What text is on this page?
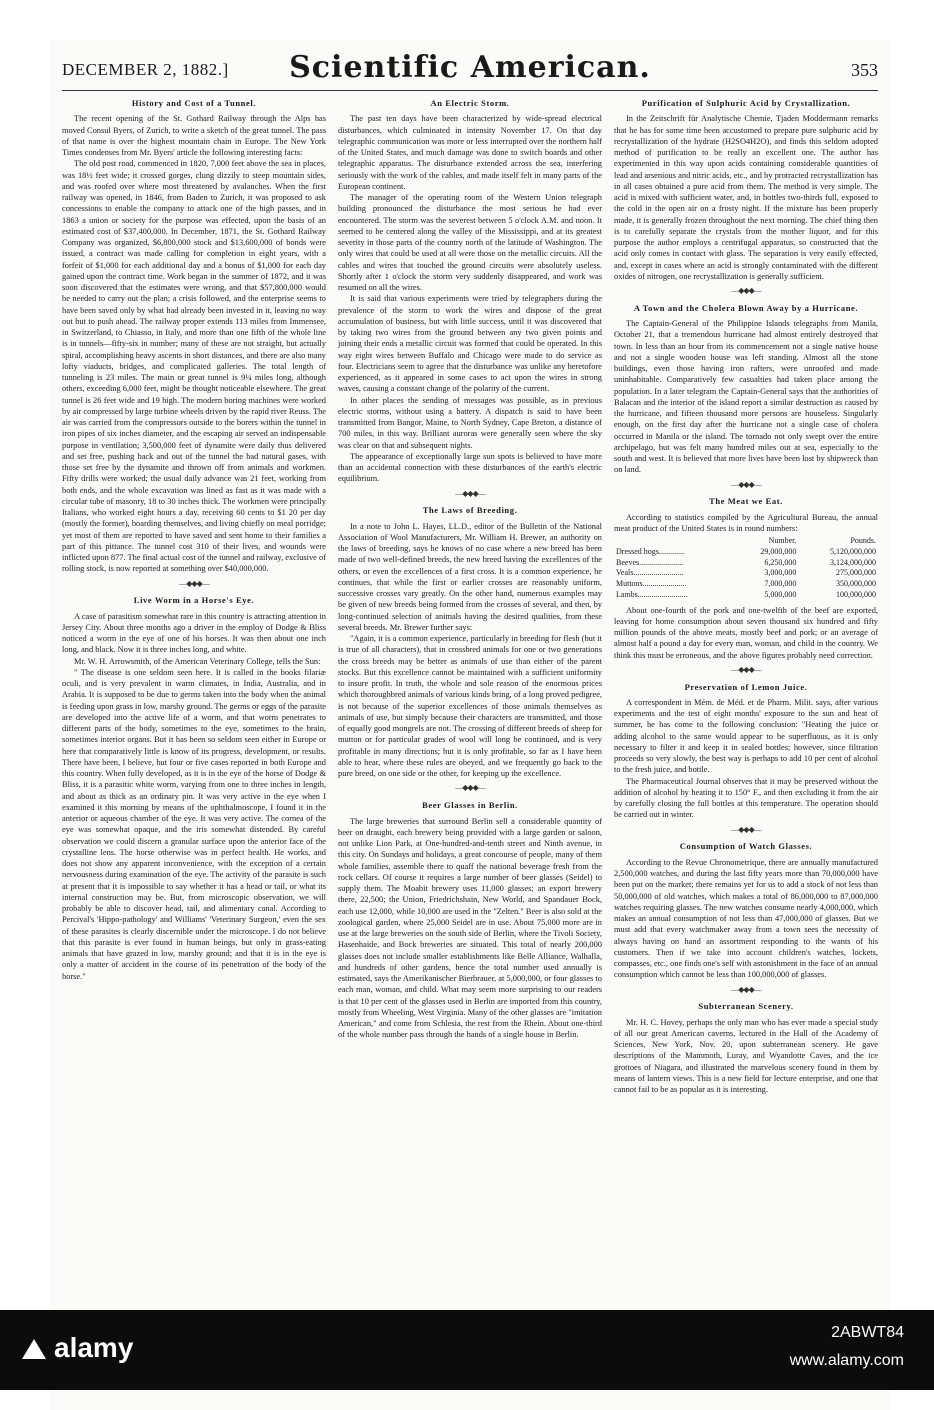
DECEMBER 2, 1882.]	Scientific American.	353
History and Cost of a Tunnel.

The recent opening of the St. Gothard Railway through the Alps has moved Consul Byers, of Zurich, to write a sketch of the great tunnel. The pass of that name is over the highest mountain chain in Europe. The New York Times condenses from Mr. Byers' article the following interesting facts:

The old post road, commenced in 1820, 7,000 feet above the sea in places, was 18½ feet wide; it crossed gorges, clung dizzily to steep mountain sides, and was roofed over where most threatened by avalanches. When the first railway was opened, in 1846, from Baden to Zurich, it was proposed to ask concessions to enable the company to attack one of the high passes, and in 1863 a union or society for the purpose was effected, upon the basis of an estimated cost of $37,400,000. In December, 1871, the St. Gothard Railway Company was organized, $6,800,000 stock and $13,600,000 of bonds were issued, a contract was made calling for completion in eight years, with a forfeit of $1,000 for each additional day and a bonus of $1,000 for each day gained upon the contract time. Work began in the summer of 1872, and it was soon discovered that the estimates were wrong, and that $57,800,000 would be needed to carry out the plan; a crisis followed, and the enterprise seems to have been saved only by what had already been invested in it, leaving no way out but to push ahead. The railway proper extends 113 miles from Immensee, in Switzerland, to Chiasso, in Italy, and more than one fifth of the whole line is in tunnels—fifty-six in number; many of these are not straight, but actually spiral, accomplishing heavy ascents in short distances, and there are also many lofty viaducts, bridges, and complicated galleries. The total length of tunneling is 23 miles. The main or great tunnel is 9¼ miles long, although others, exceeding 6,000 feet, might be thought noticeable elsewhere. The great tunnel is 26 feet wide and 19 high. The modern boring machines were worked by air compressed by large turbine wheels driven by the rapid river Reuss. The air was carried from the compressors outside to the borers within the tunnel in iron pipes of six inches diameter, and the escaping air served an indispensable purpose in ventilation; 3,500,000 feet of dynamite were daily thus delivered and set free, pushing back and out of the tunnel the bad natural gases, with those set free by the dynamite and thrown off from animals and workmen. Fifty drills were worked; the usual daily advance was 21 feet, working from both ends, and the whole excavation was lined as fast as it was made with a circular tube of masonry, 18 to 30 inches thick. The workmen were principally Italians, who worked eight hours a day, receiving 60 cents to $1 20 per day (mostly the former), boarding themselves, and living chiefly on meal porridge; yet most of them are reported to have saved and sent home to their families a part of this pittance. The tunnel cost 310 of their lives, and wounds were inflicted upon 877. The final actual cost of the tunnel and railway, exclusive of rolling stock, is now reported at something over $40,000,000.

—◆◆◆—
Live Worm in a Horse's Eye.

A case of parasitism somewhat rare in this country is attracting attention in Jersey City. About three months ago a driver in the employ of Dodge & Bliss noticed a worm in the eye of one of his horses. It was then about one inch long, and black. Now it is three inches long, and white.

Mr. W. H. Arrowsmith, of the American Veterinary College, tells the Sun:

" The disease is one seldom seen here. It is called in the books filariæ oculi, and is very prevalent in warm climates, in India, Australia, and in Arabia. It is supposed to be due to germs taken into the body when the animal is feeding upon grass in low, marshy ground. The germs or eggs of the parasite are developed into the active life of a worm, and that worm penetrates to different parts of the body, sometimes to the eye, sometimes to the brain, sometimes interior organs. But it has been so seldom seen either in Europe or here that comparatively little is know of its progress, development, or results. There have been, I believe, but four or five cases reported in both Europe and this country. When fully developed, as it is in the eye of the horse of Dodge & Bliss, it is a parasitic white worm, varying from one to three inches in length, and about as thick as an ordinary pin. It was very active in the eye when I examined it this morning by means of the ophthalmoscope, I found it in the anterior or aqueous chamber of the eye. It was very active. The cornea of the eye was somewhat opaque, and the iris somewhat distended. By careful observation we could discern a granular surface upon the anterior face of the crystalline lens. The horse otherwise was in perfect health. He works, and does not show any apparent inconvenience, with the exception of a certain nervousness during examination of the eye. The activity of the parasite is such at present that it is impossible to say whether it has a head or tail, or what its internal construction may be. But, from microscopic observation, we will probably be able to discover head, tail, and alimentary canal. According to Percival's 'Hippo-pathology' and Williams' 'Veterinary Surgeon,' even the sex of these parasites is clearly discernible under the microscope. I do not believe that this parasite is ever found in human beings, but only in grass-eating animals that have grazed in low, marshy ground; and that it is in the eye is only a matter of accident in the course of its penetration of the body of the horse."

An Electric Storm.

The past ten days have been characterized by wide-spread electrical disturbances, which culminated in intensity November 17. On that day telegraphic communication was more or less interrupted over the northern half of the United States, and much damage was done to switch boards and other telegraphic apparatus. The disturbance extended across the sea, interfering seriously with the work of the cables, and made itself felt in many parts of the European continent.

The manager of the operating room of the Western Union telegraph building pronounced the disturbance the most serious he had ever encountered. The storm was the severest between 5 o'clock A.M. and noon. It seemed to be centered along the valley of the Mississippi, and at its greatest severity in those parts of the country north of the latitude of Washington. The only wires that could be used at all were those on the metallic circuits. All the cables and wires that touched the ground circuits were absolutely useless. Shortly after 1 o'clock the storm very suddenly disappeared, and work was resumed on all the wires.

It is said that various experiments were tried by telegraphers during the prevalence of the storm to work the wires and dispose of the great accumulation of business, but with little success, until it was discovered that by taking two wires from the ground between any two given points and joining their ends a metallic circuit was formed that could be operated. In this way eight wires between Buffalo and Chicago were made to do service as four. Electricians seem to agree that the disturbance was unlike any heretofore experienced, as it appeared in some cases to act upon the wires in strong waves, causing a constant change of the polarity of the current.

In other places the sending of messages was possible, as in previous electric storms, without using a battery. A dispatch is said to have been transmitted from Bangor, Maine, to North Sydney, Cape Breton, a distance of 700 miles, in this way. Brilliant auroras were generally seen where the sky was clear on that and subsequent nights.

The appearance of exceptionally large sun spots is believed to have more than an accidental connection with these disturbances of the earth's electric equilibrium.

—◆◆◆—
The Laws of Breeding.

In a note to John L. Hayes, LL.D., editor of the Bulletin of the National Association of Wool Manufacturers, Mr. William H. Brewer, an authority on the laws of breeding, says he knows of no case where a new breed has been made of two well-defined breeds, the new breed having the excellences of the others, or even the excellences of a first cross. It is a common experience, he continues, that while the first or earlier crosses are reasonably uniform, successive crosses vary greatly. On the other hand, numerous examples may be given of new breeds being formed from the crosses of several, and then, by long-continued selection of animals having the desired qualities, from these several breeds. Mr. Brewer further says:

"Again, it is a common experience, particularly in breeding for flesh (but it is true of all characters), that in crossbred animals for one or two generations the cross breeds may be better as animals of use than either of the parent stocks. But this excellence cannot be maintained with a sufficient uniformity to insure profit. In truth, the whole and sole reason of the enormous prices which thoroughbred animals of various kinds bring, of a long proved pedigree, is not because of the superior excellences of those animals themselves as animals of use, but simply because their characters are transmitted, and those of equally good mongrels are not. The crossing of different breeds of sheep for mutton or for particular grades of wool will long be continued, and is very profitable in many directions; but it is only profitable, so far as I have been able to hear, where these rules are obeyed, and we frequently go back to the pure breed, on one side or the other, for keeping up the excellence.

—◆◆◆—
Beer Glasses in Berlin.

The large breweries that surround Berlin sell a considerable quantity of beer on draught, each brewery being provided with a large garden or saloon, not unlike Lion Park, at One-hundred-and-tenth street and Ninth avenue, in this city. On Sundays and holidays, a great concourse of people, many of them whole families, assemble there to quaff the national beverage fresh from the rock cellars. Of course it requires a large number of beer glasses (Seidel) to supply them. The Moabit brewery uses 11,000 glasses; an export brewery there, 22,500; the Union, Friedrichshain, New World, and Spandauer Bock, each use 12,000, while 10,000 are used in the "Zelten." Beer is also sold at the zoological garden, where 25,000 Seidel are in use. About 75,000 more are in use at the large breweries on the south side of Berlin, where the Tivoli Society, Hasenhaide, and Bock breweries are situated. This total of nearly 200,000 glasses does not include smaller establishments like Belle Alliance, Walhalla, and hundreds of other gardens, hence the total number used annually is estimated, says the Amerikanischer Bierbrauer, at 5,000,000, or four glasses to each man, woman, and child. What may seem more surprising to our readers is that 10 per cent of the glasses used in Berlin are imported from this country, mostly from Wheeling, West Virginia. Many of the other glasses are "imitation American," and come from Schlesia, the rest from the Rhein. About one-third of the whole number pass through the hands of a single house in Berlin.

Purification of Sulphuric Acid by Crystallization.

In the Zeitschrift für Analytische Chemie, Tjaden Moddermann remarks that he has for some time been accustomed to prepare pure sulphuric acid by recrystallization of the hydrate (H2SO4H2O), and finds this seldom adopted method of purification to be really an excellent one. The author has experimented in this way upon acids containing considerable quantities of lead and arsenious and nitric acids, etc., and by protracted recrystallization has in all cases obtained a pure acid from them. The method is very simple. The acid is mixed with sufficient water, and, in bottles two-thirds full, exposed to the cold in the open air on a frosty night. If the mixture has been properly made, it is generally frozen throughout the next morning. The chief thing then is to carefully separate the crystals from the mother liquor, and for this purpose the author employs a centrifugal apparatus, so constructed that the acid only comes in contact with glass. The separation is very easily effected, and, except in cases where an acid is strongly contaminated with the different oxides of nitrogen, one recrystallization is generally sufficient.

—◆◆◆—
A Town and the Cholera Blown Away by a Hurricane.

The Captain-General of the Philippine Islands telegraphs from Manila, October 21, that a tremendous hurricane had almost entirely destroyed that town. In less than an hour from its commencement not a single native house and not a single wooden house was left standing. Almost all the stone buildings, even those having iron rafters, were unroofed and made uninhabitable. Comparatively few casualties had taken place among the population. In a later telegram the Captain-General says that the authorities of Balacan and the interior of the island report a similar destruction as caused by the hurricane, and fifteen thousand more persons are houseless. Singularly enough, on the first day after the hurricane not a single case of cholera occurred in Manila or the island. The tornado not only swept over the entire archipelago, but was felt many hundred miles out at sea, especially to the south and west. It is believed that more lives have been lost by shipwreck than on land.

—◆◆◆—
The Meat we Eat.

According to statistics compiled by the Agricultural Bureau, the annual meat product of the United States is in round numbers:

	Number.	Pounds.
Dressed hogs.............	29,000,000	5,120,000,000
Beeves......................	6,250,000	3,124,000,000
Veals.........................	3,000,000	275,000,000
Muttons......................	7,000,000	350,000,000
Lambs.........................	5,000,000	100,000,000

About one-fourth of the pork and one-twelfth of the beef are exported, leaving for home consumption about seven thousand six hundred and fifty million pounds of the above meats, mostly beef and pork; or an average of almost half a pound a day for every man, woman, and child in the country. We think this must be erroneous, and the above figures probably need correction.

—◆◆◆—
Preservation of Lemon Juice.

A correspondent in Mém. de Méd. et de Pharm. Milit. says, after various experiments and the test of eight months' exposure to the sun and heat of summer, he has come to the following conclusion: "Heating the juice or adding alcohol to the same would appear to be superfluous, as it is only necessary to filter it and keep it in sealed bottles; however, since filtration proceeds so very slowly, the best way is perhaps to add 10 per cent of alcohol to the fresh juice, and bottle.

The Pharmaceutical Journal observes that it may be preserved without the addition of alcohol by heating it to 150° F., and then excluding it from the air by carefully closing the full bottles at this temperature. The operation should be carried out in winter.

—◆◆◆—
Consumption of Watch Glasses.

According to the Revue Chronometrique, there are annually manufactured 2,500,000 watches, and during the last fifty years more than 70,000,000 have been put on the market; there remains yet for us to add a stock of not less than 50,000,000 of old watches, which makes a total of 86,000,000 to 87,000,000 watches requiring glasses. The new watches consume nearly 4,000,000, which makes an annual consumption of not less than 47,000,000 of glasses. But we must add that every watchmaker away from a town sees the necessity of always having on hand an assortment responding to the wants of his customers. Then if we take into account children's watches, lockets, compasses, etc., one finds one's self with astonishment in the face of an annual consumption which cannot be less than 100,000,000 of glasses.

—◆◆◆—
Subterranean Scenery.

Mr. H. C. Hovey, perhaps the only man who has ever made a special study of all our great American caverns, lectured in the Hall of the Academy of Sciences, New York, Nov. 20, upon subterranean scenery. He gave descriptions of the Mammoth, Luray, and Wyandotte Caves, and the ice grottoes of Niagara, and illustrated the marvelous scenery found in them by means of lantern views. This is a new field for lecture enterprise, and one that cannot fail to be as popular as it is interesting.

alamy	2ABWT84
www.alamy.com
